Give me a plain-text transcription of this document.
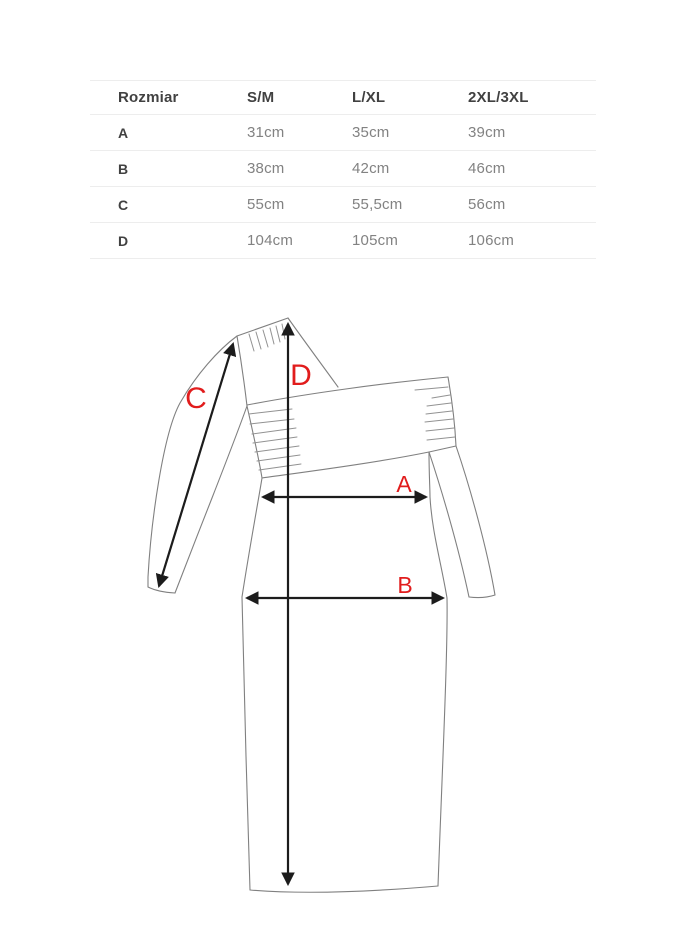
Rozmiar	S/M	L/XL	2XL/3XL
A	31cm	35cm	39cm
B	38cm	42cm	46cm
C	55cm	55,5cm	56cm
D	104cm	105cm	106cm
C
D
A
B
